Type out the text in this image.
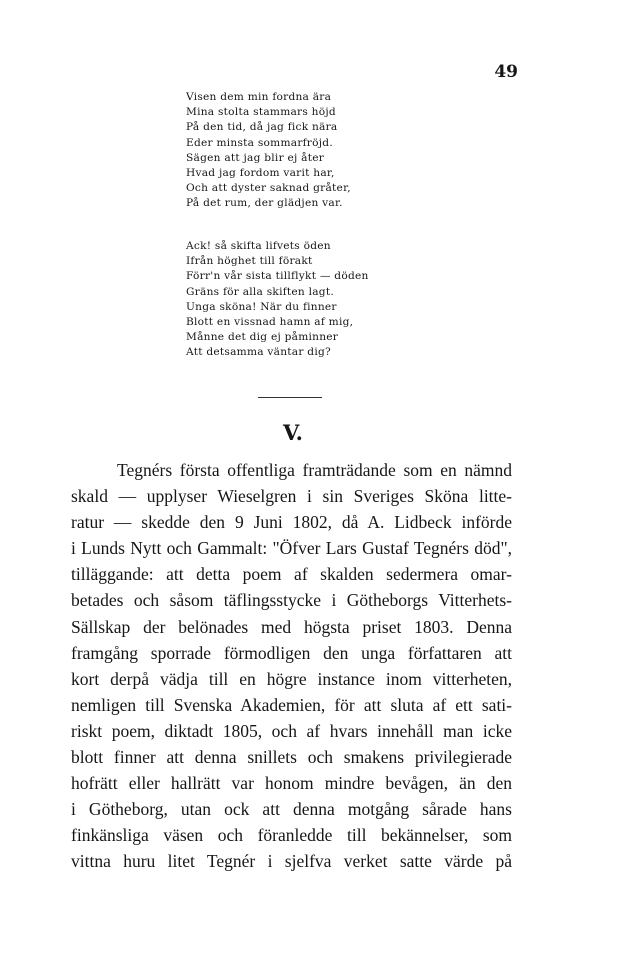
49
Visen dem min fordna ära
Mina stolta stammars höjd
På den tid, då jag fick nära
Eder minsta sommarfröjd.
Sägen att jag blir ej åter
Hvad jag fordom varit har,
Och att dyster saknad gråter,
På det rum, der glädjen var.
Ack! så skifta lifvets öden
Ifrån höghet till förakt
Förr'n vår sista tillflykt — döden
Gräns för alla skiften lagt.
Unga sköna! När du finner
Blott en vissnad hamn af mig,
Månne det dig ej påminner
Att detsamma väntar dig?
V.
Tegnérs första offentliga framträdande som en nämnd
skald — upplyser Wieselgren i sin Sveriges Sköna litte-
ratur — skedde den 9 Juni 1802, då A. Lidbeck införde
i Lunds Nytt och Gammalt: "Öfver Lars Gustaf Tegnérs död",
tilläggande: att detta poem af skalden sedermera omar-
betades och såsom täflingsstycke i Götheborgs Vitterhets-
Sällskap der belönades med högsta priset 1803. Denna
framgång sporrade förmodligen den unga författaren att
kort derpå vädja till en högre instance inom vitterheten,
nemligen till Svenska Akademien, för att sluta af ett sati-
riskt poem, diktadt 1805, och af hvars innehåll man icke
blott finner att denna snillets och smakens privilegierade
hofrätt eller hallrätt var honom mindre bevågen, än den
i Götheborg, utan ock att denna motgång sårade hans
finkänsliga väsen och föranledde till bekännelser, som
vittna huru litet Tegnér i sjelfva verket satte värde på
